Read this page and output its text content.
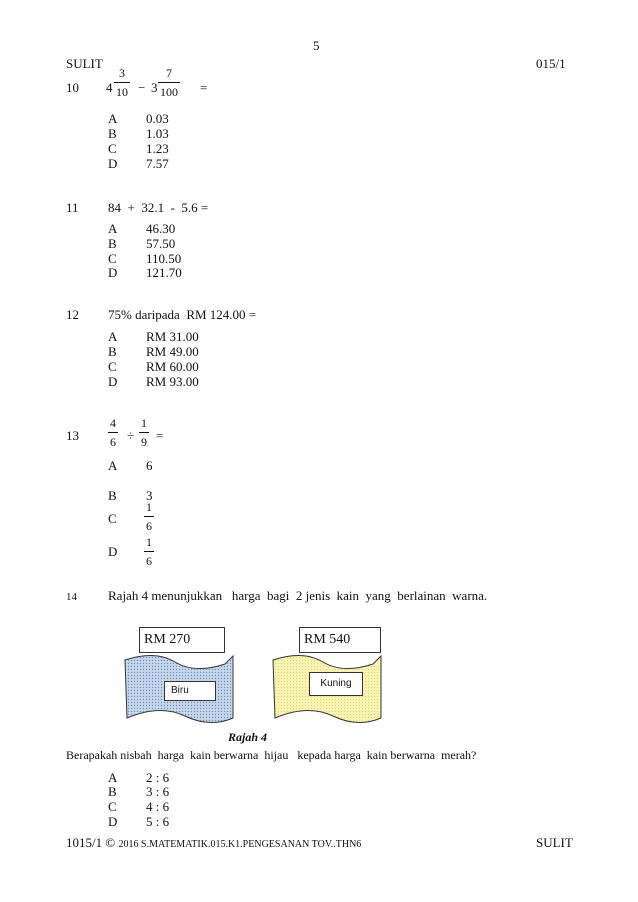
5
SULIT	015/1
10 4
3
10 − 3
7
100 =
A 0.03
B 1.03
C 1.23
D 7.57
11 84  +  32.1  -  5.6 =
A 46.30
B 57.50
C 110.50
D 121.70
12 75% daripada  RM 124.00 =
A RM 31.00
B RM 49.00
C RM 60.00
D RM 93.00
13
4
6 ÷
1
9 =
A 6
B 3
C
1
6
D
1
6
14 Rajah 4 menunjukkan   harga  bagi  2 jenis  kain  yang  berlainan  warna.
RM 270
Biru
RM 540
Kuning
Rajah 4
Berapakah nisbah  harga  kain berwarna  hijau   kepada harga  kain berwarna  merah?
A 2 : 6
B 3 : 6
C 4 : 6
D 5 : 6
1015/1 © 2016 S.MATEMATIK.015.K1.PENGESANAN TOV..THN6	SULIT
